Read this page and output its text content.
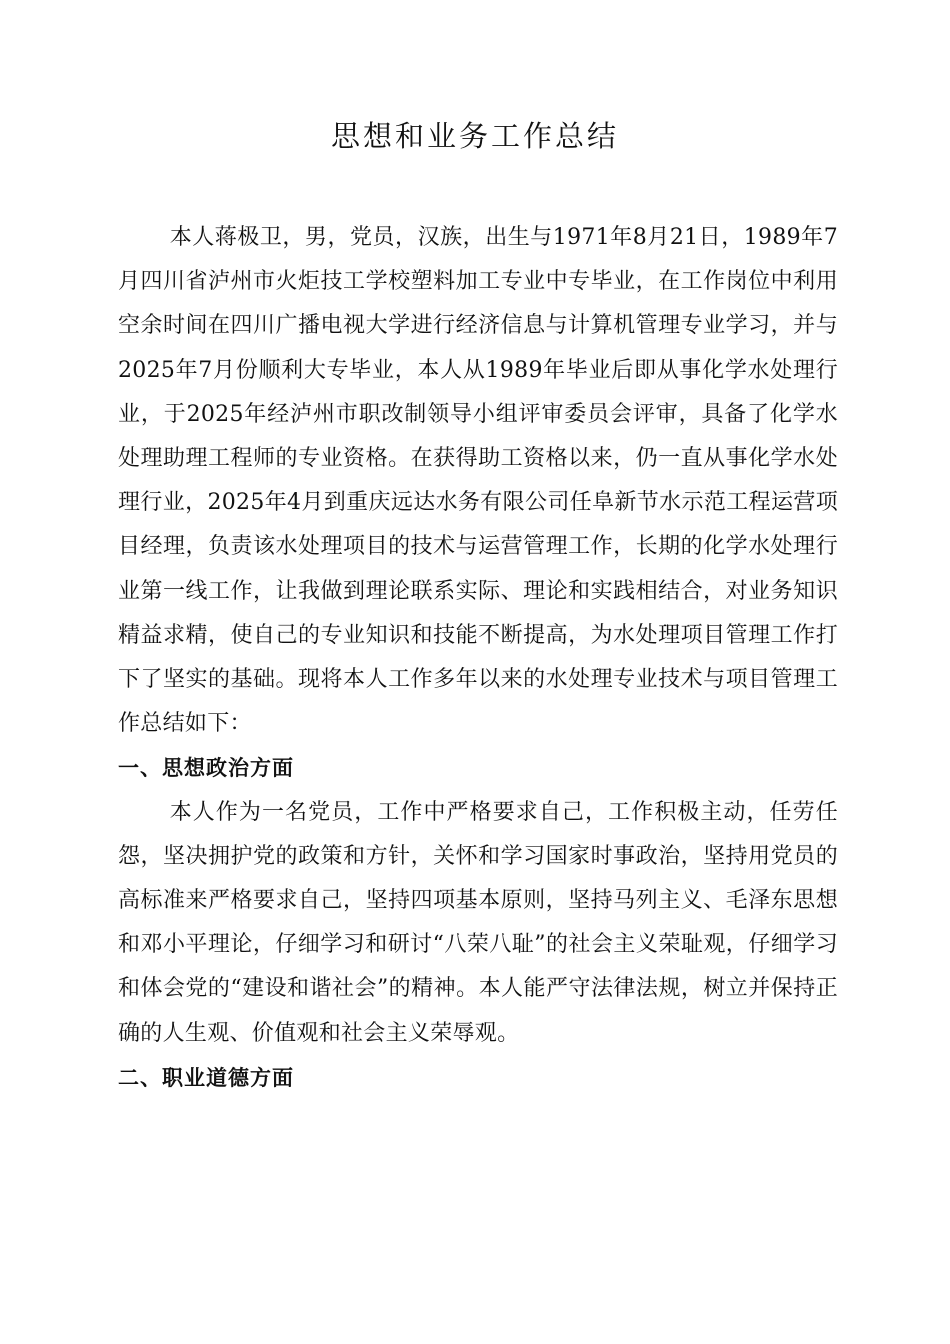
思想和业务工作总结

本人蒋极卫，男，党员，汉族，出生与1971年8月21日，1989年7月四川省泸州市火炬技工学校塑料加工专业中专毕业，在工作岗位中利用空余时间在四川广播电视大学进行经济信息与计算机管理专业学习，并与2025年7月份顺利大专毕业，本人从1989年毕业后即从事化学水处理行业，于2025年经泸州市职改制领导小组评审委员会评审，具备了化学水处理助理工程师的专业资格。在获得助工资格以来，仍一直从事化学水处理行业，2025年4月到重庆远达水务有限公司任阜新节水示范工程运营项目经理，负责该水处理项目的技术与运营管理工作，长期的化学水处理行业第一线工作，让我做到理论联系实际、理论和实践相结合，对业务知识精益求精，使自己的专业知识和技能不断提高，为水处理项目管理工作打下了坚实的基础。现将本人工作多年以来的水处理专业技术与项目管理工作总结如下：

一、思想政治方面

本人作为一名党员，工作中严格要求自己，工作积极主动，任劳任怨，坚决拥护党的政策和方针，关怀和学习国家时事政治，坚持用党员的高标准来严格要求自己，坚持四项基本原则，坚持马列主义、毛泽东思想和邓小平理论，仔细学习和研讨“八荣八耻”的社会主义荣耻观，仔细学习和体会党的“建设和谐社会”的精神。本人能严守法律法规，树立并保持正确的人生观、价值观和社会主义荣辱观。

二、职业道德方面
